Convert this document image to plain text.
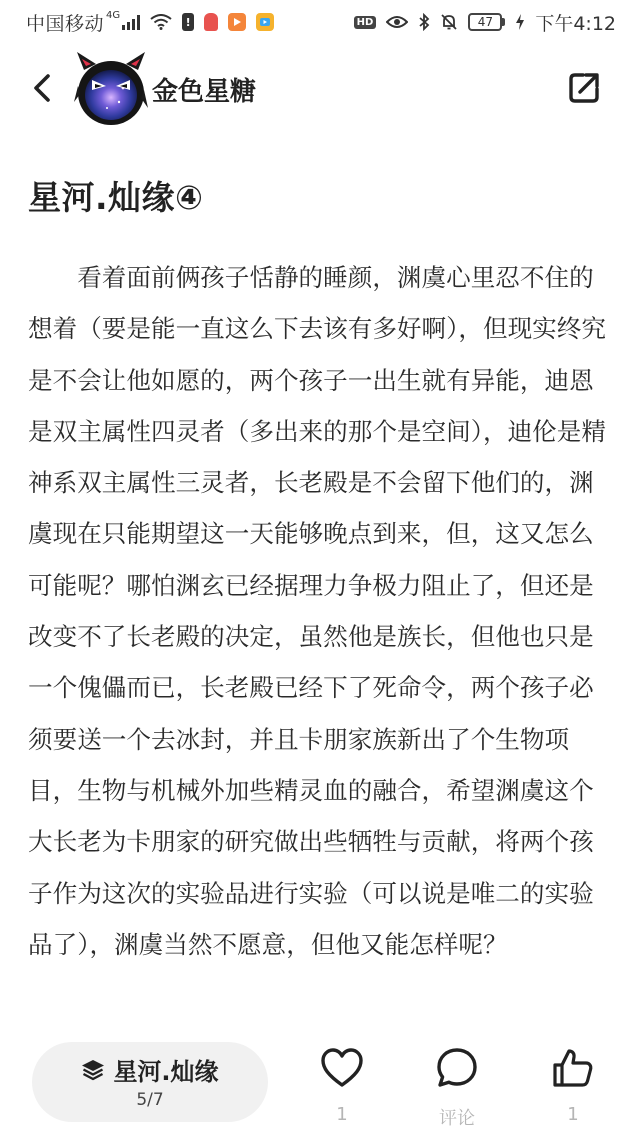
中国移动 4G
!	HD	47	下午4:12
金色星糖
星河.灿缘④

看着面前俩孩子恬静的睡颜，渊虞心里忍不住的想着（要是能一直这么下去该有多好啊），但现实终究是不会让他如愿的，两个孩子一出生就有异能，迪恩是双主属性四灵者（多出来的那个是空间），迪伦是精神系双主属性三灵者，长老殿是不会留下他们的，渊虞现在只能期望这一天能够晚点到来，但，这又怎么可能呢？哪怕渊玄已经据理力争极力阻止了，但还是改变不了长老殿的决定，虽然他是族长，但他也只是一个傀儡而已，长老殿已经下了死命令，两个孩子必须要送一个去冰封，并且卡朋家族新出了个生物项目，生物与机械外加些精灵血的融合，希望渊虞这个大长老为卡朋家的研究做出些牺牲与贡献，将两个孩子作为这次的实验品进行实验（可以说是唯二的实验品了），渊虞当然不愿意，但他又能怎样呢？

星河.灿缘
5/7
1	评论	1
